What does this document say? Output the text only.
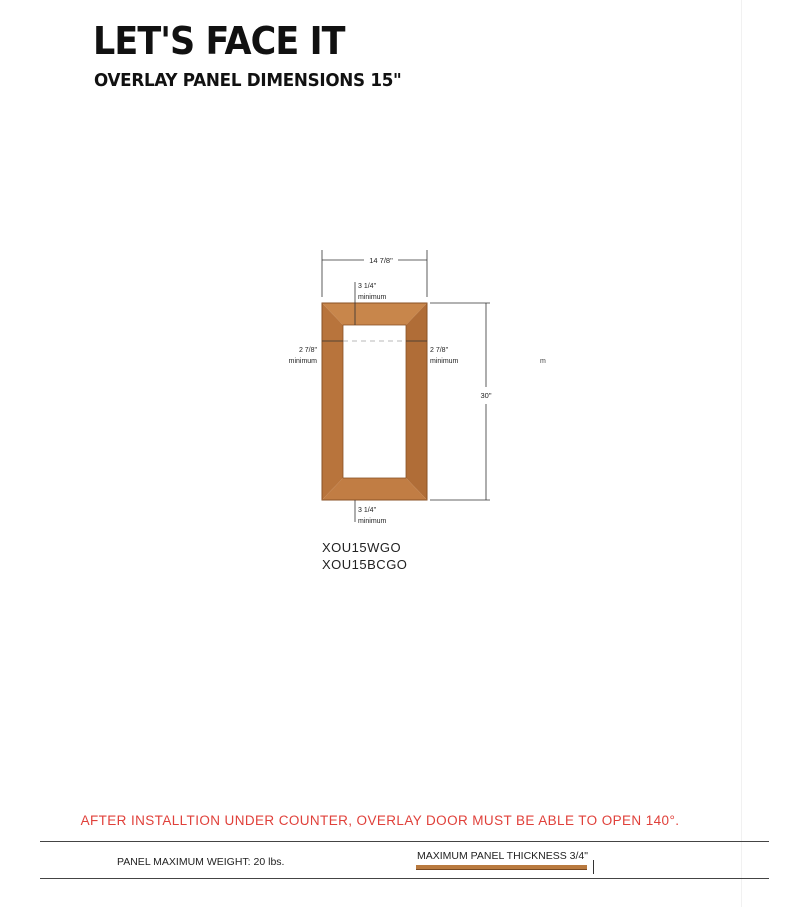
LET'S FACE IT
OVERLAY PANEL DIMENSIONS 15"
14 7/8"
3 1/4"
minimum
2 7/8"
minimum
2 7/8"
minimum
30"
m
3 1/4"
minimum
XOU15WGO
XOU15BCGO

AFTER INSTALLTION UNDER COUNTER, OVERLAY DOOR MUST BE ABLE TO OPEN 140°.

PANEL MAXIMUM WEIGHT: 20 lbs.	MAXIMUM PANEL THICKNESS 3/4"
